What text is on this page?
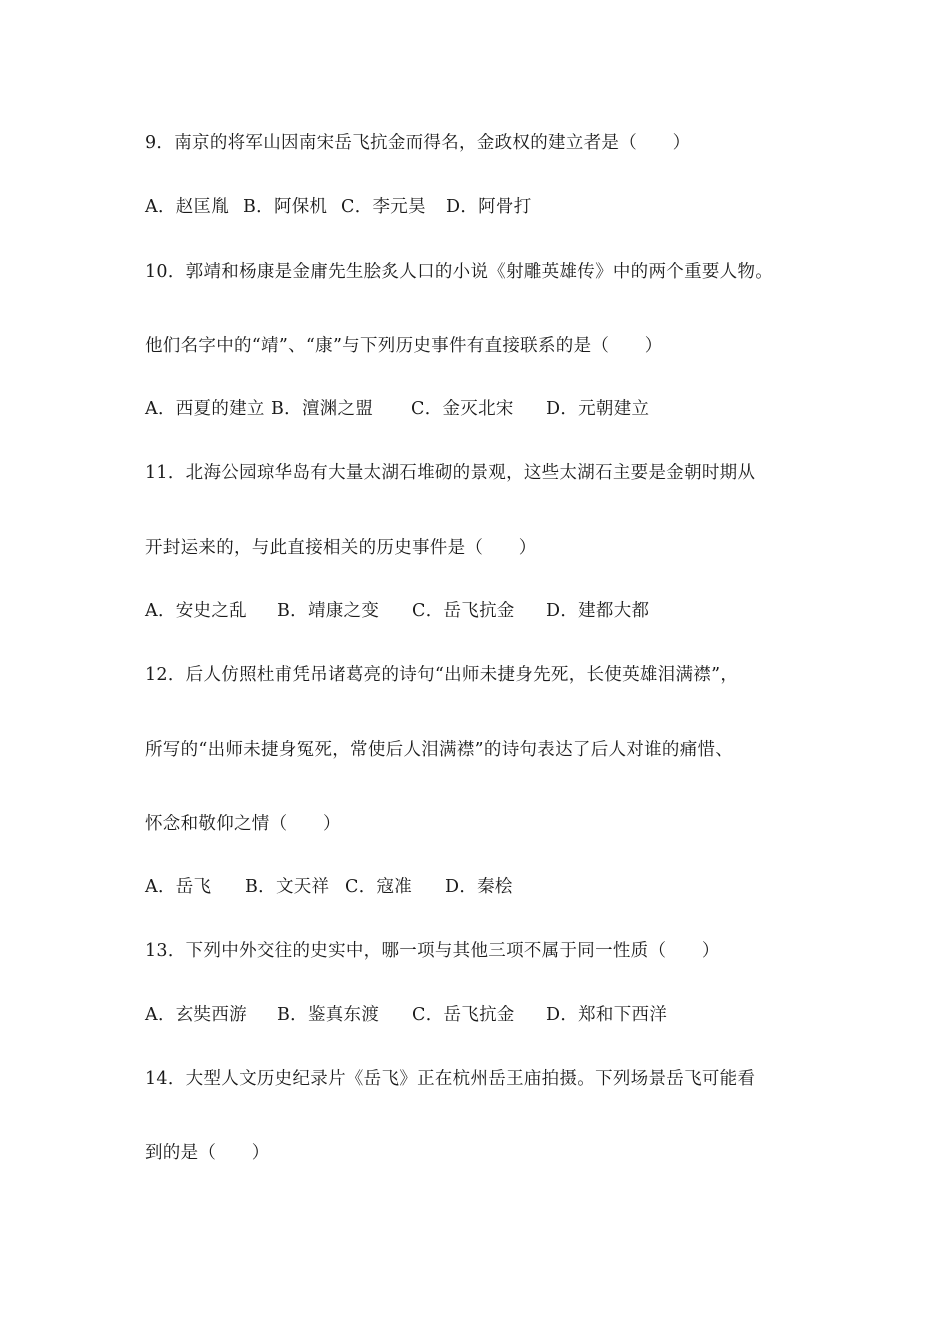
9．南京的将军山因南宋岳飞抗金而得名，金政权的建立者是（　　）
A．赵匡胤 B．阿保机 C．李元昊	D．阿骨打
10．郭靖和杨康是金庸先生脍炙人口的小说《射雕英雄传》中的两个重要人物。
他们名字中的“靖”、“康”与下列历史事件有直接联系的是（　　）
A．西夏的建立 B．澶渊之盟	C．金灭北宋	D．元朝建立
11．北海公园琼华岛有大量太湖石堆砌的景观，这些太湖石主要是金朝时期从
开封运来的，与此直接相关的历史事件是（　　）
A．安史之乱	B．靖康之变	C．岳飞抗金	D．建都大都
12．后人仿照杜甫凭吊诸葛亮的诗句“出师未捷身先死，长使英雄泪满襟”，
所写的“出师未捷身冤死，常使后人泪满襟”的诗句表达了后人对谁的痛惜、
怀念和敬仰之情（　　）
A．岳飞	B．文天祥 C．寇准	D．秦桧
13．下列中外交往的史实中，哪一项与其他三项不属于同一性质（　　）
A．玄奘西游	B．鉴真东渡	C．岳飞抗金	D．郑和下西洋
14．大型人文历史纪录片《岳飞》正在杭州岳王庙拍摄。下列场景岳飞可能看
到的是（　　）
